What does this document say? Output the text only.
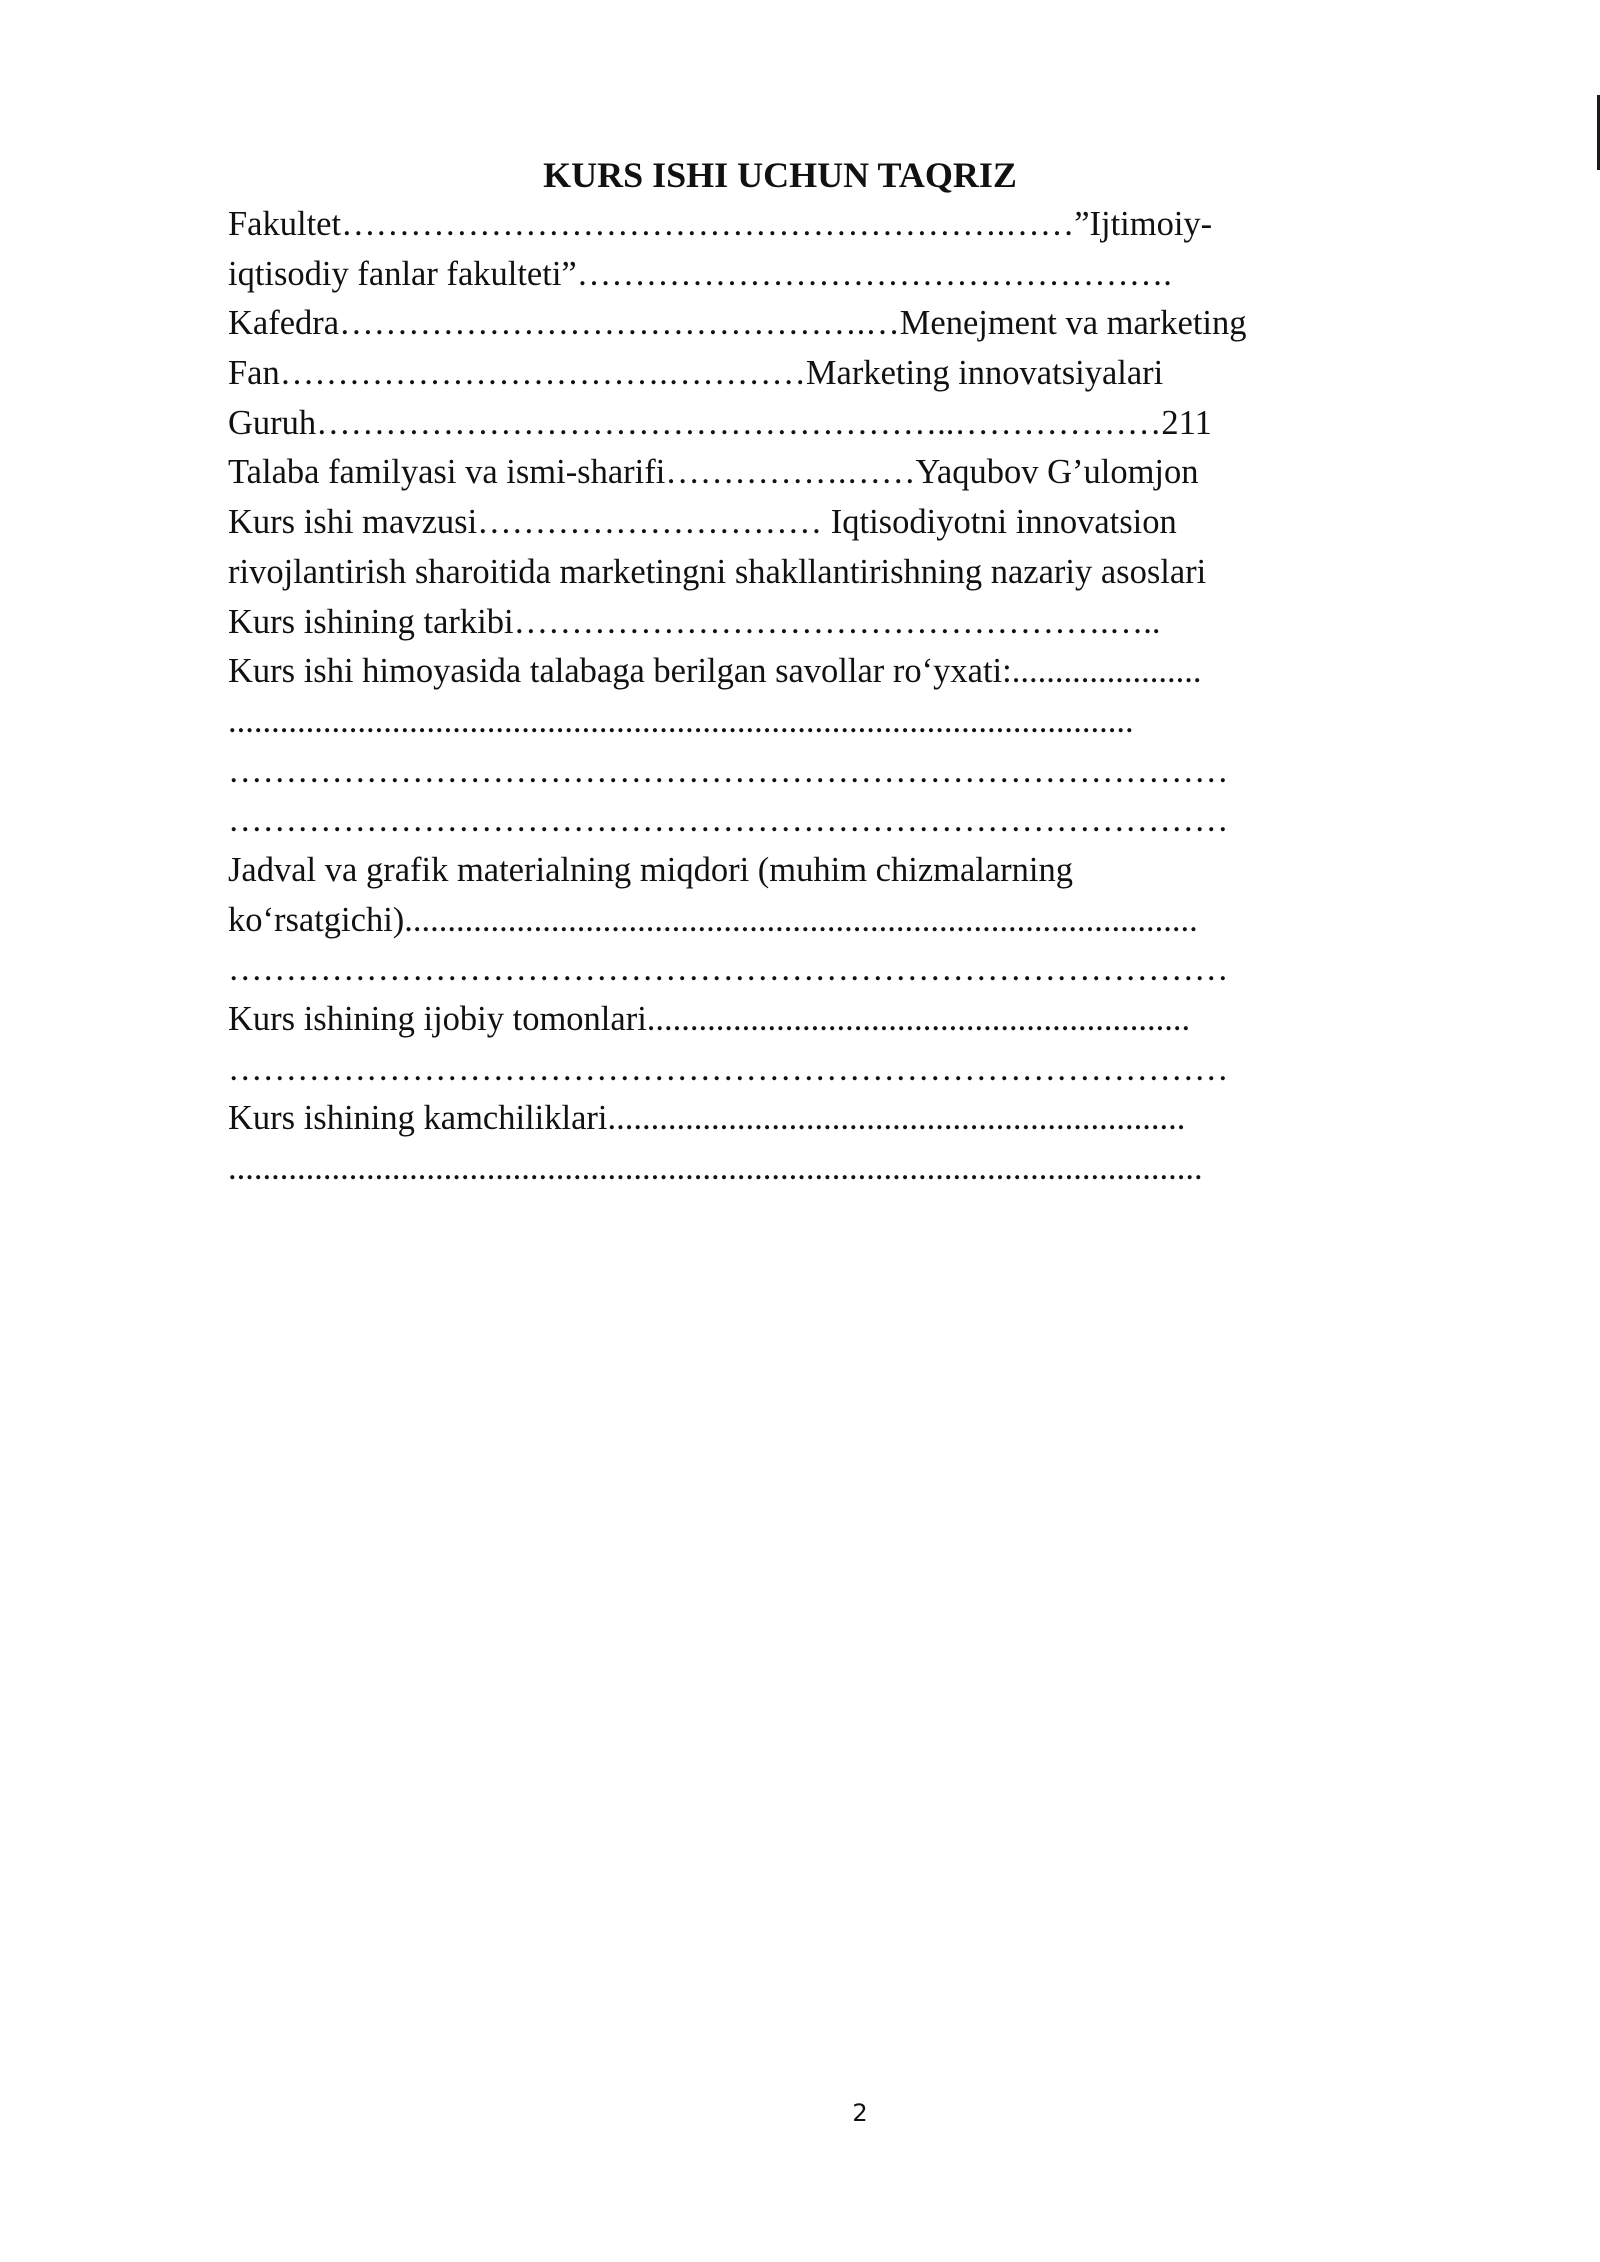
KURS ISHI UCHUN TAQRIZ
Fakultet………………………………………………….……”Ijtimoiy-
iqtisodiy fanlar fakulteti”…………………………………………….
Kafedra……………………………………….…Menejment va marketing
Fan…………………………….…………Marketing innovatsiyalari
Guruh………………………………………………..………………211
Talaba familyasi va ismi-sharifi…………….……Yaqubov G’ulomjon
Kurs ishi mavzusi………………………… Iqtisodiyotni innovatsion
rivojlantirish sharoitida marketingni shakllantirishning nazariy asoslari
Kurs ishining tarkibi…………………………………………….…..
Kurs ishi himoyasida talabaga berilgan savollar ro‘yxati:......................
.........................................................................................................
……………………………………………………………………………
……………………………………………………………………………
Jadval va grafik materialning miqdori (muhim chizmalarning
ko‘rsatgichi)............................................................................................
……………………………………………………………………………
Kurs ishining ijobiy tomonlari...............................................................
……………………………………………………………………………
Kurs ishining kamchiliklari...................................................................
.................................................................................................................
2
